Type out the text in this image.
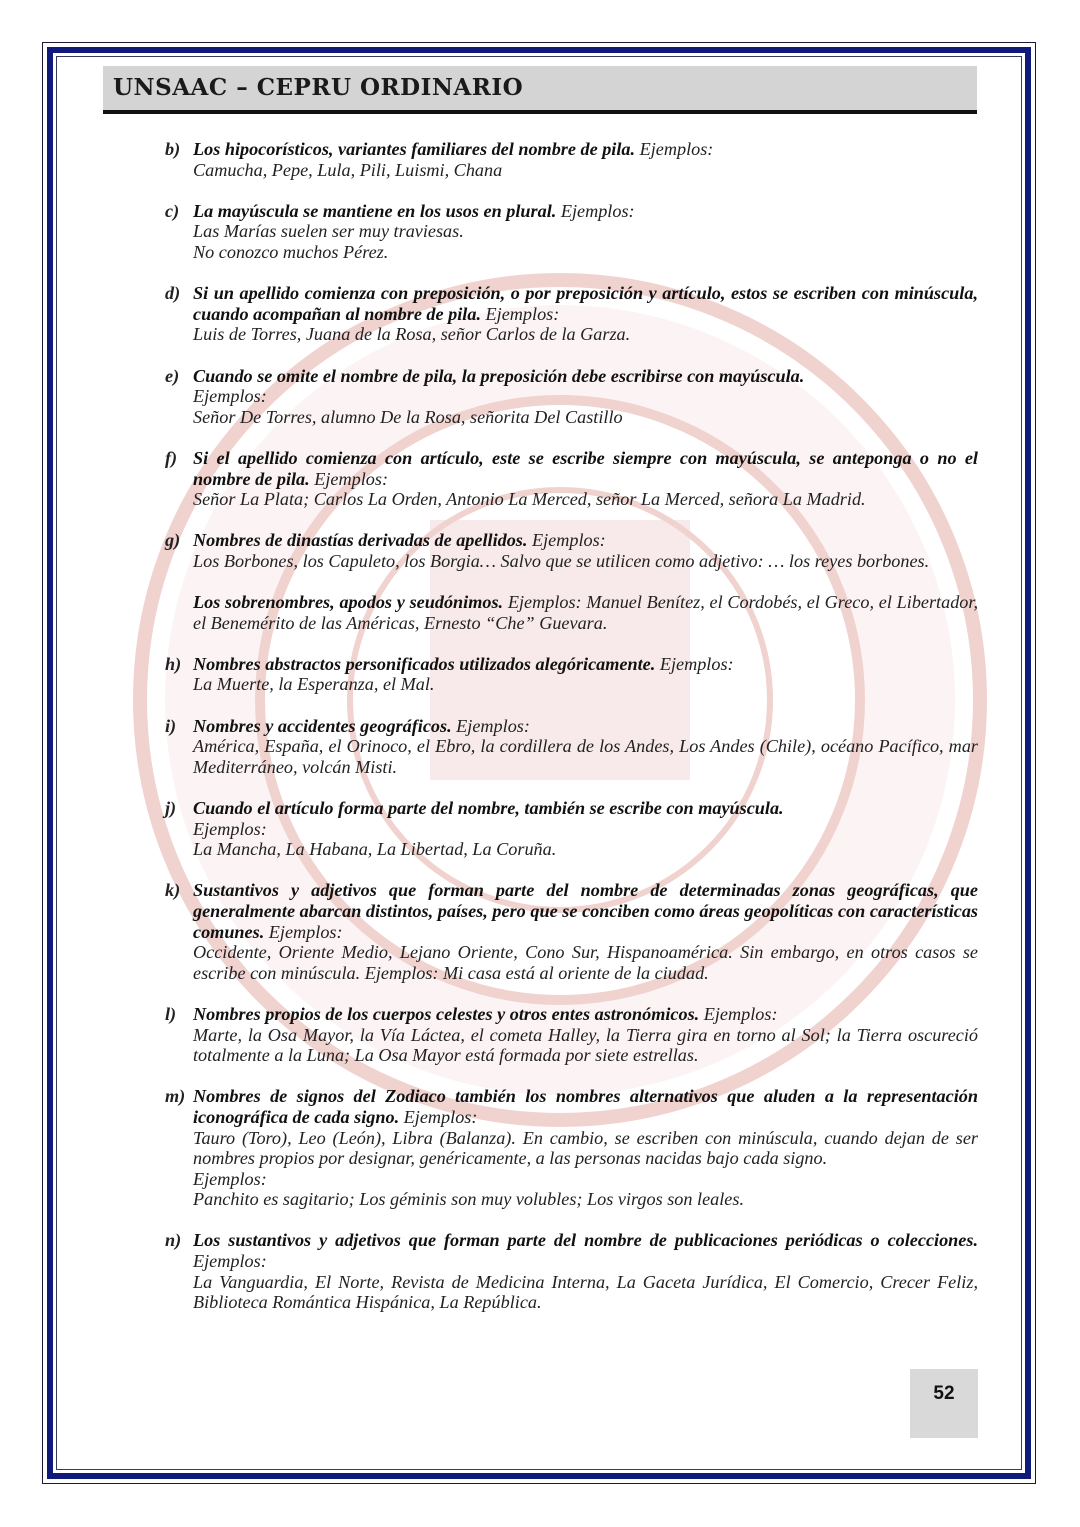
UNSAAC – CEPRU ORDINARIO
b) Los hipocorísticos, variantes familiares del nombre de pila. Ejemplos:
Camucha, Pepe, Lula, Pili, Luismi, Chana
c) La mayúscula se mantiene en los usos en plural. Ejemplos:
Las Marías suelen ser muy traviesas.
No conozco muchos Pérez.
d) Si un apellido comienza con preposición, o por preposición y artículo, estos se escriben con minúscula, cuando acompañan al nombre de pila. Ejemplos:
Luis de Torres, Juana de la Rosa, señor Carlos de la Garza.
e) Cuando se omite el nombre de pila, la preposición debe escribirse con mayúscula.
Ejemplos:
Señor De Torres, alumno De la Rosa, señorita Del Castillo
f) Si el apellido comienza con artículo, este se escribe siempre con mayúscula, se anteponga o no el nombre de pila. Ejemplos:
Señor La Plata; Carlos La Orden, Antonio La Merced, señor La Merced, señora La Madrid.
g) Nombres de dinastías derivadas de apellidos. Ejemplos:
Los Borbones, los Capuleto, los Borgia… Salvo que se utilicen como adjetivo: … los reyes borbones.
Los sobrenombres, apodos y seudónimos. Ejemplos: Manuel Benítez, el Cordobés, el Greco, el Libertador, el Benemérito de las Américas, Ernesto “Che” Guevara.
h) Nombres abstractos personificados utilizados alegóricamente. Ejemplos:
La Muerte, la Esperanza, el Mal.
i) Nombres y accidentes geográficos. Ejemplos:
América, España, el Orinoco, el Ebro, la cordillera de los Andes, Los Andes (Chile), océano Pacífico, mar Mediterráneo, volcán Misti.
j) Cuando el artículo forma parte del nombre, también se escribe con mayúscula.
Ejemplos:
La Mancha, La Habana, La Libertad, La Coruña.
k) Sustantivos y adjetivos que forman parte del nombre de determinadas zonas geográficas, que generalmente abarcan distintos, países, pero que se conciben como áreas geopolíticas con características comunes. Ejemplos:
Occidente, Oriente Medio, Lejano Oriente, Cono Sur, Hispanoamérica. Sin embargo, en otros casos se escribe con minúscula. Ejemplos: Mi casa está al oriente de la ciudad.
l) Nombres propios de los cuerpos celestes y otros entes astronómicos. Ejemplos:
Marte, la Osa Mayor, la Vía Láctea, el cometa Halley, la Tierra gira en torno al Sol; la Tierra oscureció totalmente a la Luna; La Osa Mayor está formada por siete estrellas.
m) Nombres de signos del Zodiaco también los nombres alternativos que aluden a la representación iconográfica de cada signo. Ejemplos:
Tauro (Toro), Leo (León), Libra (Balanza). En cambio, se escriben con minúscula, cuando dejan de ser nombres propios por designar, genéricamente, a las personas nacidas bajo cada signo.
Ejemplos:
Panchito es sagitario; Los géminis son muy volubles; Los virgos son leales.
n) Los sustantivos y adjetivos que forman parte del nombre de publicaciones periódicas o colecciones. Ejemplos:
La Vanguardia, El Norte, Revista de Medicina Interna, La Gaceta Jurídica, El Comercio, Crecer Feliz, Biblioteca Romántica Hispánica, La República.
52
